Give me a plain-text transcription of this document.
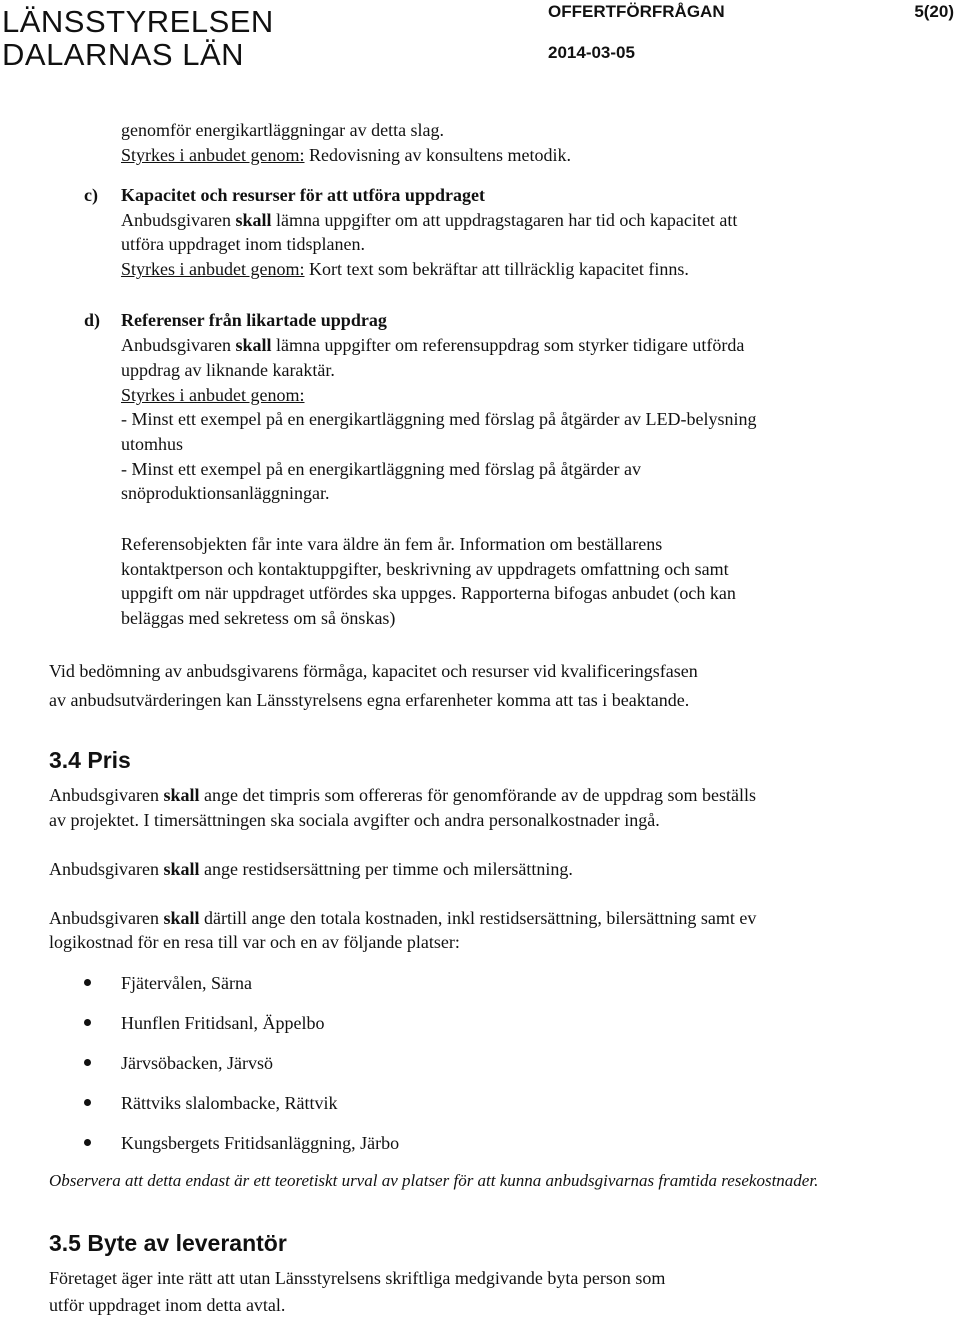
LÄNSSTYRELSEN
DALARNAS LÄN
OFFERTFÖRFRÅGAN	5(20)
2014-03-05
genomför energikartläggningar av detta slag.
Styrkes i anbudet genom: Redovisning av konsultens metodik.
c) Kapacitet och resurser för att utföra uppdraget
Anbudsgivaren skall lämna uppgifter om att uppdragstagaren har tid och kapacitet att
utföra uppdraget inom tidsplanen.
Styrkes i anbudet genom: Kort text som bekräftar att tillräcklig kapacitet finns.
d) Referenser från likartade uppdrag
Anbudsgivaren skall lämna uppgifter om referensuppdrag som styrker tidigare utförda
uppdrag av liknande karaktär.
Styrkes i anbudet genom:
- Minst ett exempel på en energikartläggning med förslag på åtgärder av LED-belysning
utomhus
- Minst ett exempel på en energikartläggning med förslag på åtgärder av
snöproduktionsanläggningar.
Referensobjekten får inte vara äldre än fem år. Information om beställarens
kontaktperson och kontaktuppgifter, beskrivning av uppdragets omfattning och samt
uppgift om när uppdraget utfördes ska uppges. Rapporterna bifogas anbudet (och kan
beläggas med sekretess om så önskas)
Vid bedömning av anbudsgivarens förmåga, kapacitet och resurser vid kvalificeringsfasen
av anbudsutvärderingen kan Länsstyrelsens egna erfarenheter komma att tas i beaktande.
3.4 Pris
Anbudsgivaren skall ange det timpris som offereras för genomförande av de uppdrag som beställs
av projektet. I timersättningen ska sociala avgifter och andra personalkostnader ingå.
Anbudsgivaren skall ange restidsersättning per timme och milersättning.
Anbudsgivaren skall därtill ange den totala kostnaden, inkl restidsersättning, bilersättning samt ev
logikostnad för en resa till var och en av följande platser:
Fjätervålen, Särna
Hunflen Fritidsanl, Äppelbo
Järvsöbacken, Järvsö
Rättviks slalombacke, Rättvik
Kungsbergets Fritidsanläggning, Järbo
Observera att detta endast är ett teoretiskt urval av platser för att kunna anbudsgivarnas framtida resekostnader.
3.5 Byte av leverantör
Företaget äger inte rätt att utan Länsstyrelsens skriftliga medgivande byta person som
utför uppdraget inom detta avtal.
